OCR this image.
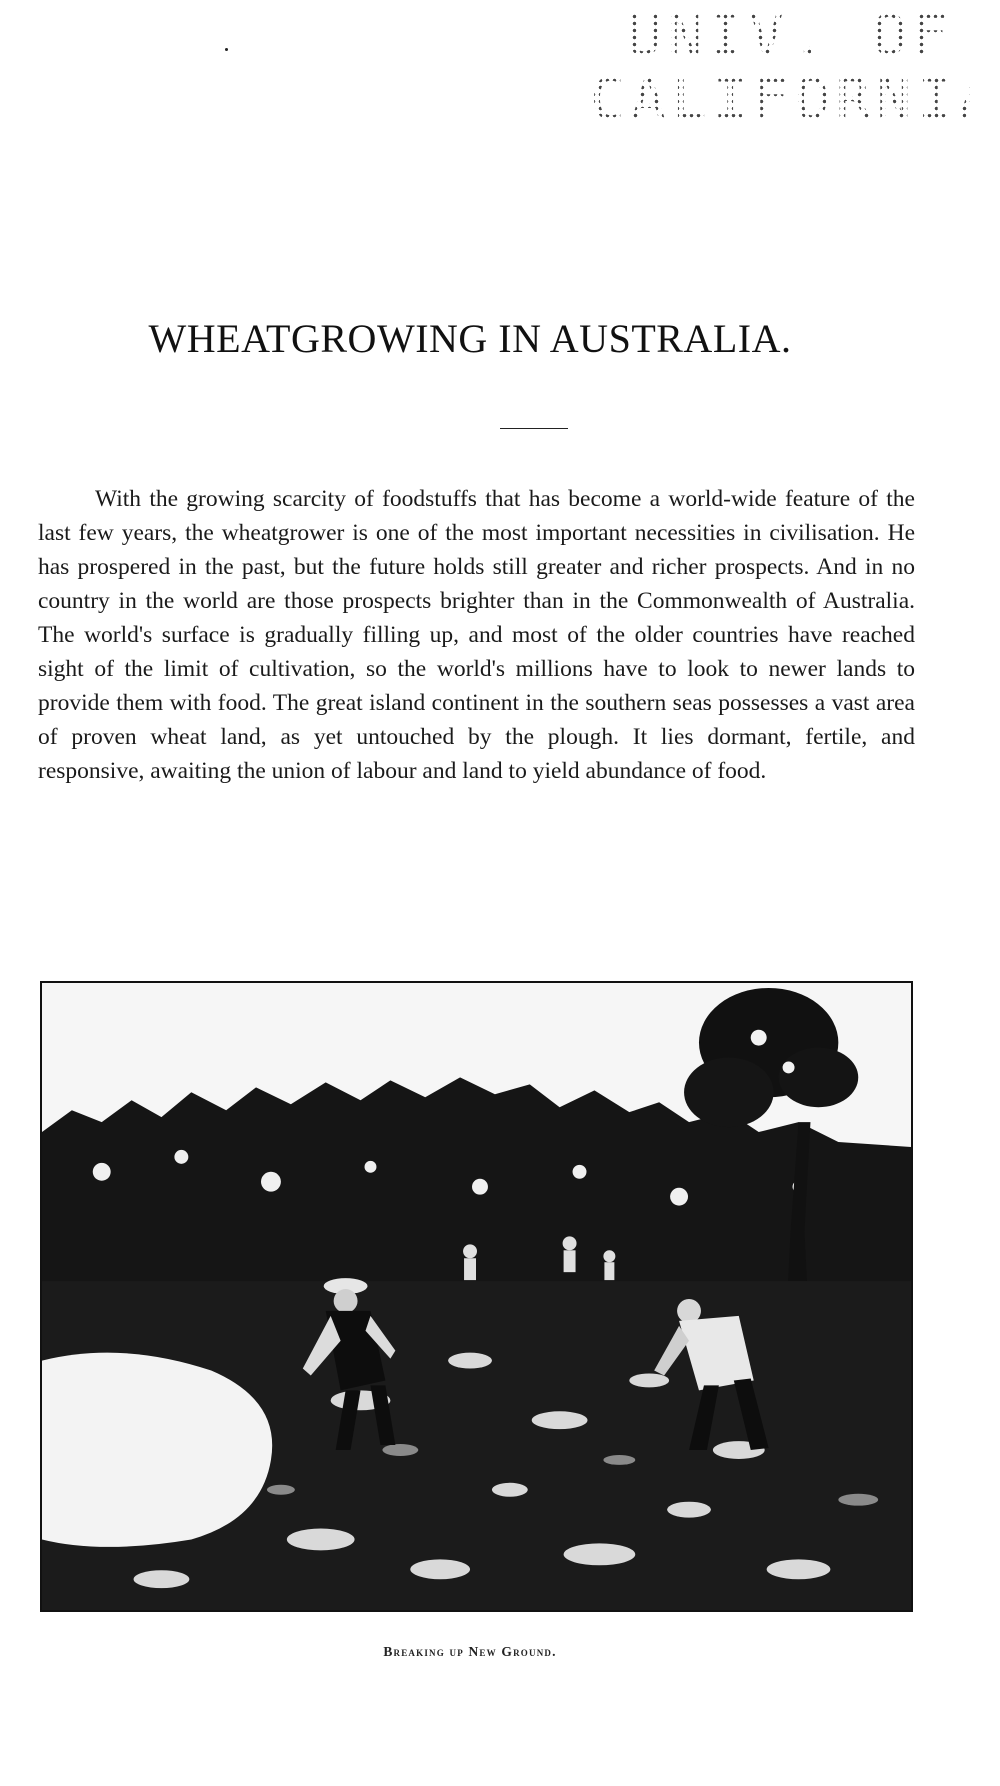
UNIV. OF
CALIFORNIA
WHEATGROWING IN AUSTRALIA.

With the growing scarcity of foodstuffs that has become a world-wide feature of the last few years, the wheatgrower is one of the most important necessities in civilisation. He has prospered in the past, but the future holds still greater and richer prospects. And in no country in the world are those prospects brighter than in the Commonwealth of Australia. The world's surface is gradually filling up, and most of the older countries have reached sight of the limit of cultivation, so the world's millions have to look to newer lands to provide them with food. The great island continent in the southern seas possesses a vast area of proven wheat land, as yet untouched by the plough. It lies dormant, fertile, and responsive, awaiting the union of labour and land to yield abundance of food.

Breaking up New Ground.
